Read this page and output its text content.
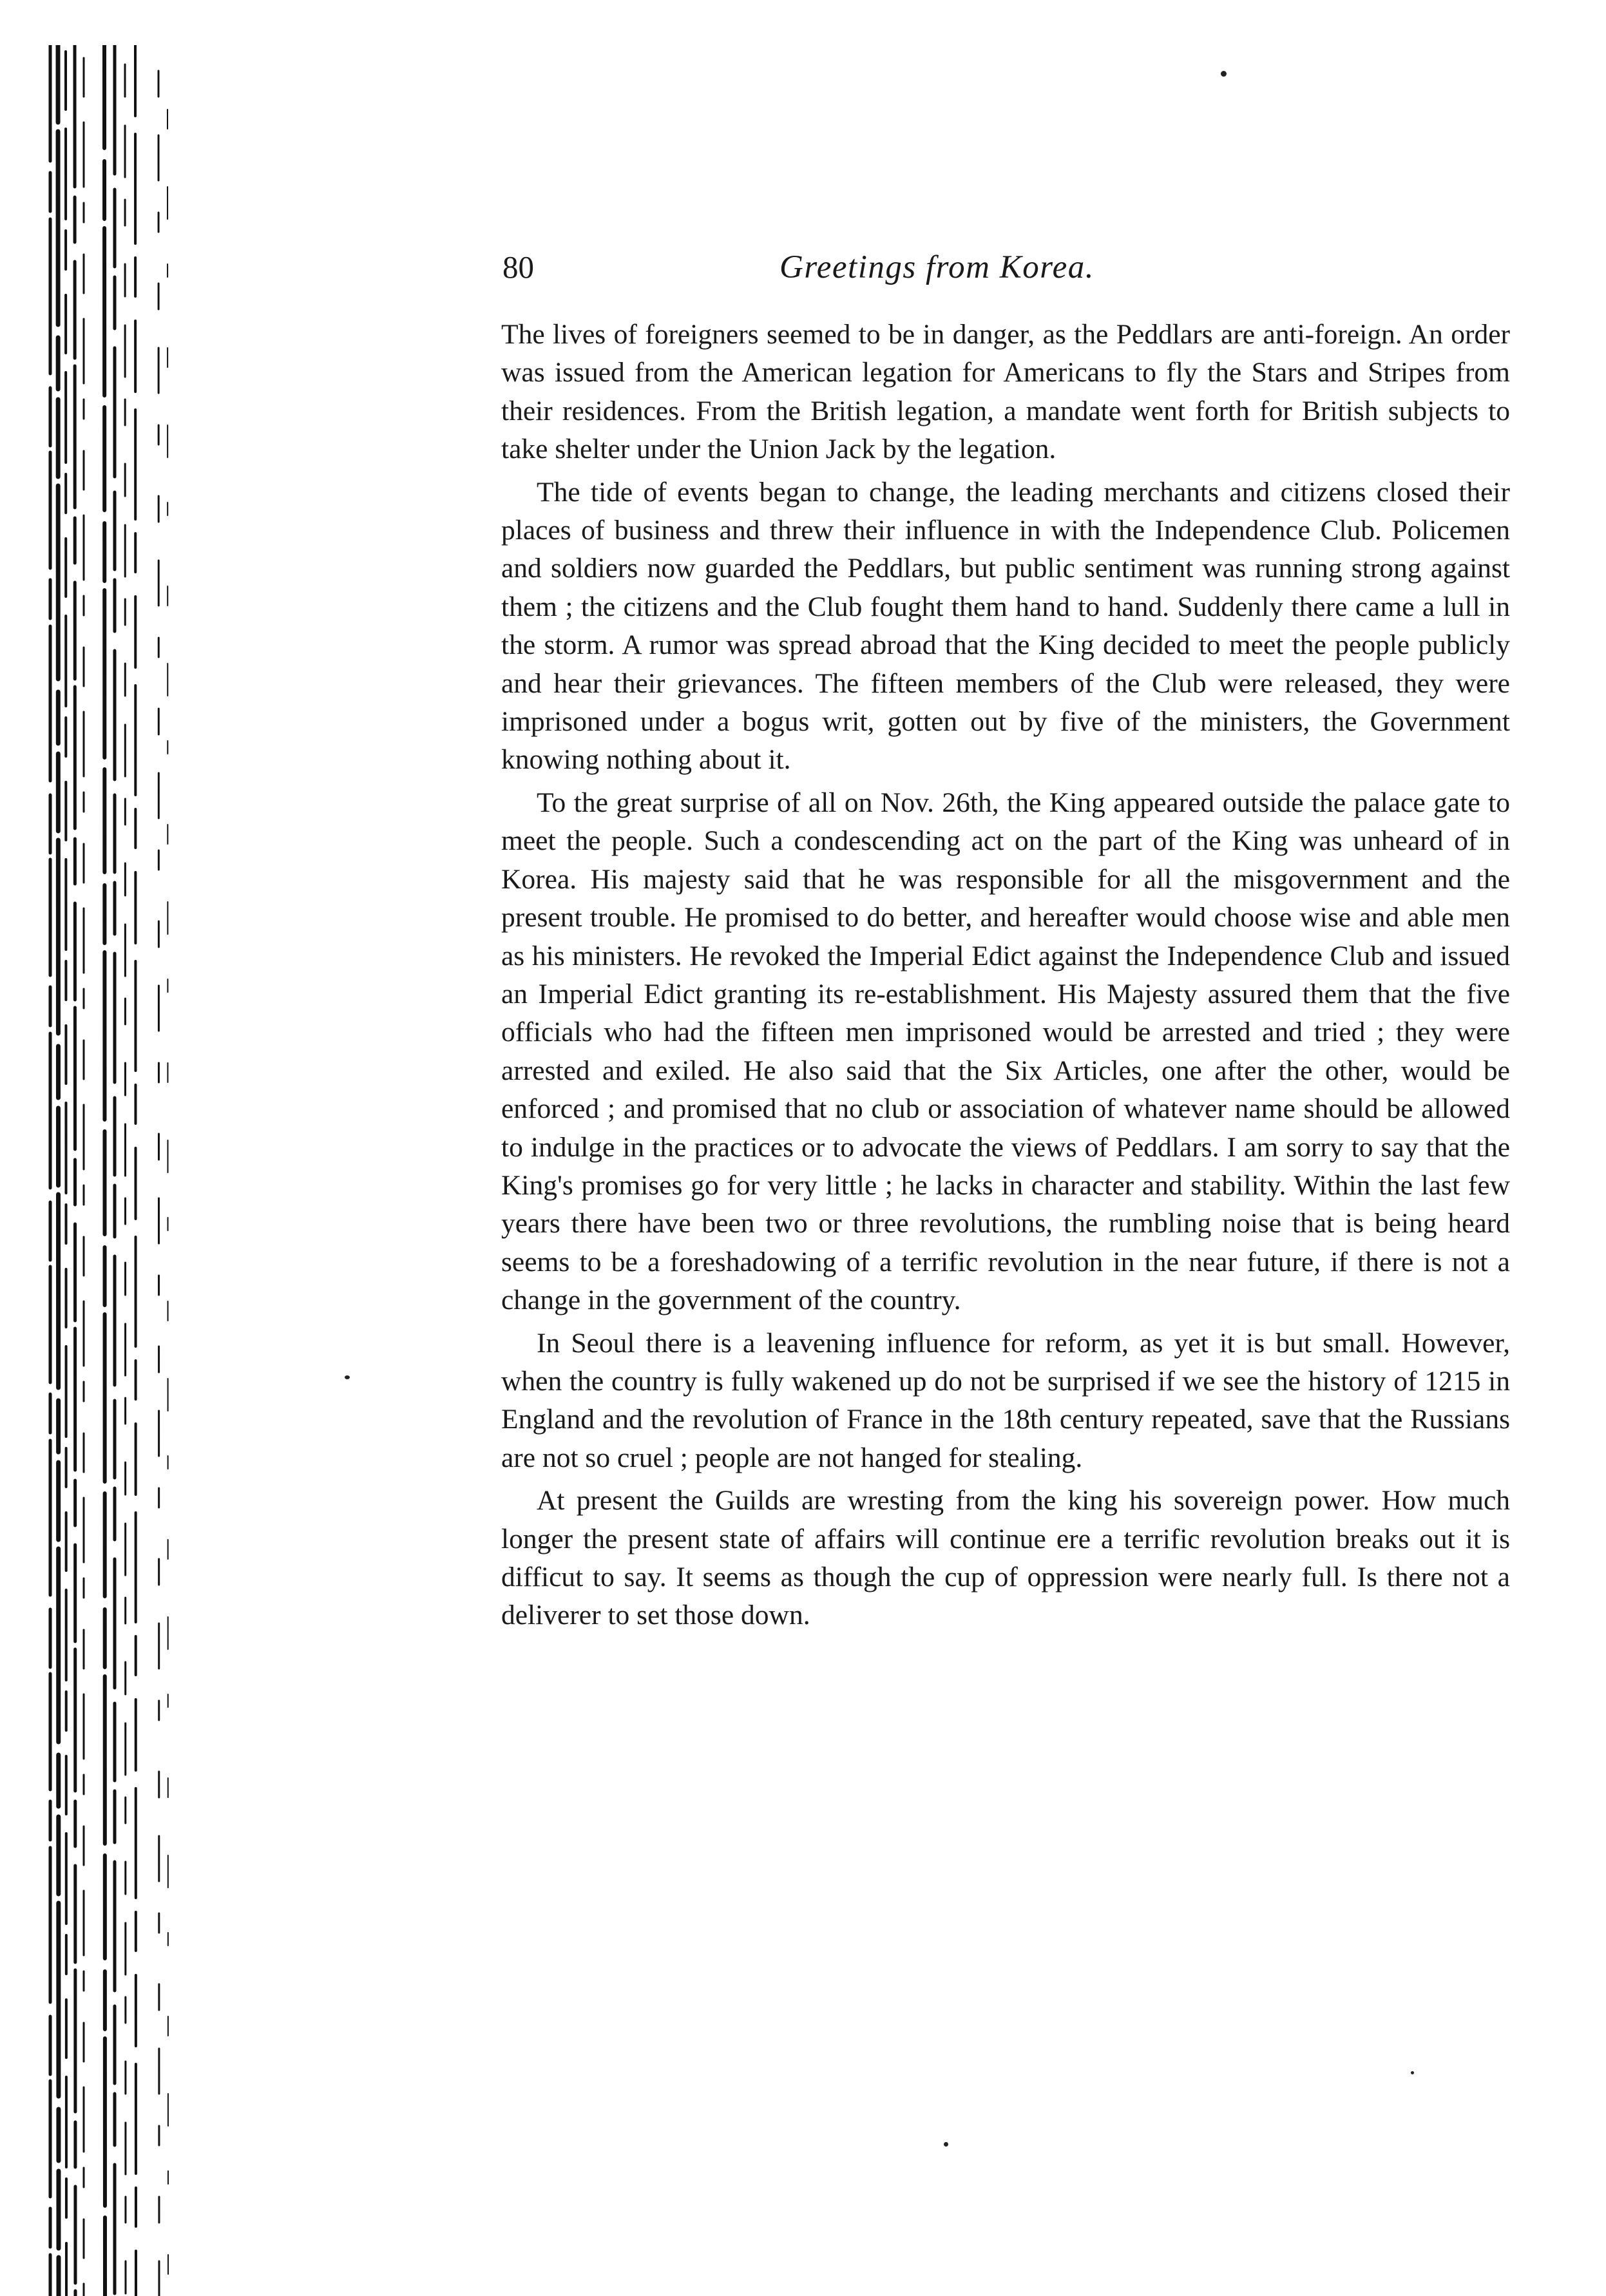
80	Greetings from Korea.

The lives of foreigners seemed to be in danger, as the Peddlars are anti-foreign. An order was issued from the American legation for Americans to fly the Stars and Stripes from their residences. From the British legation, a mandate went forth for British subjects to take shelter under the Union Jack by the legation.

The tide of events began to change, the leading merchants and citizens closed their places of business and threw their influence in with the Independence Club. Policemen and soldiers now guarded the Peddlars, but public sentiment was running strong against them ; the citizens and the Club fought them hand to hand. Suddenly there came a lull in the storm. A rumor was spread abroad that the King decided to meet the people publicly and hear their grievances. The fifteen members of the Club were released, they were imprisoned under a bogus writ, gotten out by five of the ministers, the Government knowing nothing about it.

To the great surprise of all on Nov. 26th, the King appeared outside the palace gate to meet the people. Such a condescending act on the part of the King was unheard of in Korea. His majesty said that he was responsible for all the misgovernment and the present trouble. He promised to do better, and hereafter would choose wise and able men as his ministers. He revoked the Imperial Edict against the Independence Club and issued an Imperial Edict granting its re-establishment. His Majesty assured them that the five officials who had the fifteen men imprisoned would be arrested and tried ; they were arrested and exiled. He also said that the Six Articles, one after the other, would be enforced ; and promised that no club or association of whatever name should be allowed to indulge in the practices or to advocate the views of Peddlars. I am sorry to say that the King's promises go for very little ; he lacks in character and stability. Within the last few years there have been two or three revolutions, the rumbling noise that is being heard seems to be a foreshadowing of a terrific revolution in the near future, if there is not a change in the government of the country.

In Seoul there is a leavening influence for reform, as yet it is but small. However, when the country is fully wakened up do not be surprised if we see the history of 1215 in England and the revolution of France in the 18th century repeated, save that the Russians are not so cruel ; people are not hanged for stealing.

At present the Guilds are wresting from the king his sovereign power. How much longer the present state of affairs will continue ere a terrific revolution breaks out it is difficut to say. It seems as though the cup of oppression were nearly full. Is there not a deliverer to set those down.
